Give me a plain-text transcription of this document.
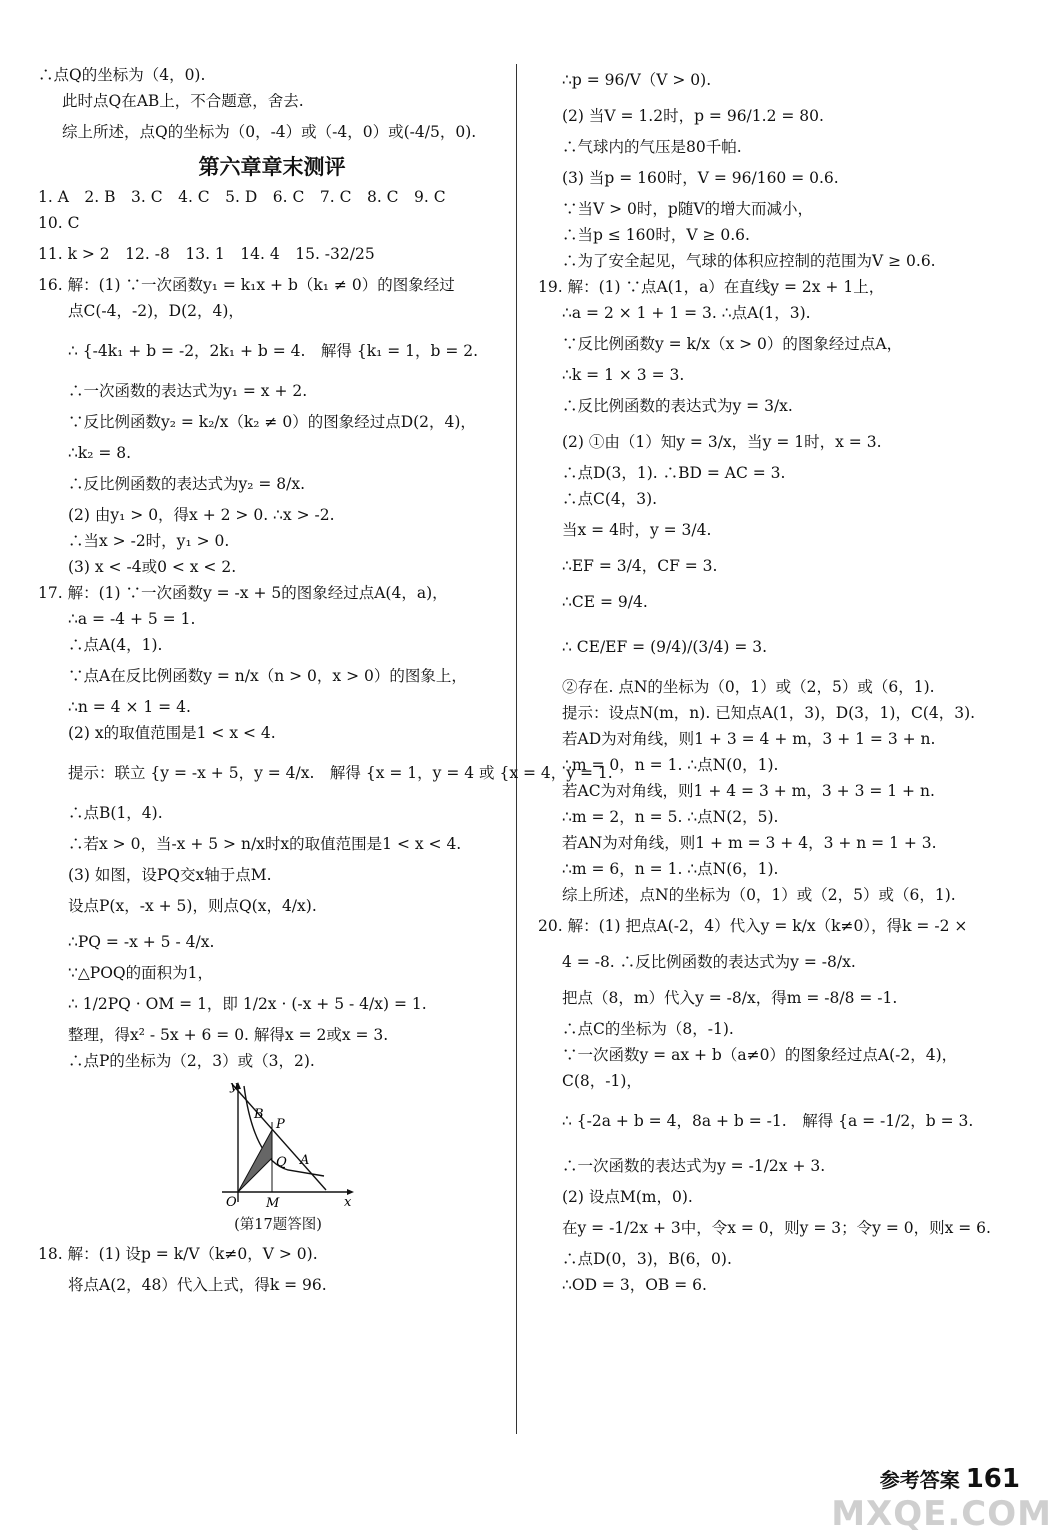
∴点Q的坐标为（4，0).
此时点Q在AB上，不合题意，舍去.
综上所述，点Q的坐标为（0，-4）或（-4，0）或(-4/5，0).
第六章章末测评
1. A　2. B　3. C　4. C　5. D　6. C　7. C　8. C　9. C
10. C
11. k > 2　12. -8　13. 1　14. 4　15. -32/25
16. 解：(1) ∵一次函数y₁ = k₁x + b（k₁ ≠ 0）的图象经过
点C(-4，-2)，D(2，4)，
∴ {-4k₁ + b = -2，2k₁ + b = 4.　解得 {k₁ = 1，b = 2.
∴一次函数的表达式为y₁ = x + 2.
∵反比例函数y₂ = k₂/x（k₂ ≠ 0）的图象经过点D(2，4)，
∴k₂ = 8.
∴反比例函数的表达式为y₂ = 8/x.
(2) 由y₁ > 0，得x + 2 > 0. ∴x > -2.
∴当x > -2时，y₁ > 0.
(3) x < -4或0 < x < 2.
17. 解：(1) ∵一次函数y = -x + 5的图象经过点A(4，a)，
∴a = -4 + 5 = 1.
∴点A(4，1).
∵点A在反比例函数y = n/x（n > 0，x > 0）的图象上，
∴n = 4 × 1 = 4.
(2) x的取值范围是1 < x < 4.
提示：联立 {y = -x + 5，y = 4/x.　解得 {x = 1，y = 4 或 {x = 4，y = 1.
∴点B(1，4).
∴若x > 0，当-x + 5 > n/x时x的取值范围是1 < x < 4.
(3) 如图，设PQ交x轴于点M.
设点P(x，-x + 5)，则点Q(x，4/x).
∴PQ = -x + 5 - 4/x.
∵△POQ的面积为1，
∴ 1/2PQ · OM = 1，即 1/2x · (-x + 5 - 4/x) = 1.
整理，得x² - 5x + 6 = 0. 解得x = 2或x = 3.
∴点P的坐标为（2，3）或（3，2).
y
B
P
Q A
O M	x
(第17题答图)
18. 解：(1) 设p = k/V（k≠0，V > 0).
将点A(2，48）代入上式，得k = 96.
∴p = 96/V（V > 0).
(2) 当V = 1.2时，p = 96/1.2 = 80.
∴气球内的气压是80千帕.
(3) 当p = 160时，V = 96/160 = 0.6.
∵当V > 0时，p随V的增大而减小，
∴当p ≤ 160时，V ≥ 0.6.
∴为了安全起见，气球的体积应控制的范围为V ≥ 0.6.
19. 解：(1) ∵点A(1，a）在直线y = 2x + 1上，
∴a = 2 × 1 + 1 = 3. ∴点A(1，3).
∵反比例函数y = k/x（x > 0）的图象经过点A，
∴k = 1 × 3 = 3.
∴反比例函数的表达式为y = 3/x.
(2) ①由（1）知y = 3/x，当y = 1时，x = 3.
∴点D(3，1). ∴BD = AC = 3.
∴点C(4，3).
当x = 4时，y = 3/4.
∴EF = 3/4，CF = 3.
∴CE = 9/4.
∴ CE/EF = (9/4)/(3/4) = 3.
②存在. 点N的坐标为（0，1）或（2，5）或（6，1).
提示：设点N(m，n). 已知点A(1，3)，D(3，1)，C(4，3).
若AD为对角线，则1 + 3 = 4 + m，3 + 1 = 3 + n.
∴m = 0，n = 1. ∴点N(0，1).
若AC为对角线，则1 + 4 = 3 + m，3 + 3 = 1 + n.
∴m = 2，n = 5. ∴点N(2，5).
若AN为对角线，则1 + m = 3 + 4，3 + n = 1 + 3.
∴m = 6，n = 1. ∴点N(6，1).
综上所述，点N的坐标为（0，1）或（2，5）或（6，1).
20. 解：(1) 把点A(-2，4）代入y = k/x（k≠0），得k = -2 ×
4 = -8. ∴反比例函数的表达式为y = -8/x.
把点（8，m）代入y = -8/x，得m = -8/8 = -1.
∴点C的坐标为（8，-1).
∵一次函数y = ax + b（a≠0）的图象经过点A(-2，4)，
C(8，-1)，
∴ {-2a + b = 4，8a + b = -1.　解得 {a = -1/2，b = 3.
∴一次函数的表达式为y = -1/2x + 3.
(2) 设点M(m，0).
在y = -1/2x + 3中，令x = 0，则y = 3；令y = 0，则x = 6.
∴点D(0，3)，B(6，0).
∴OD = 3，OB = 6.
参考答案 161
MXQE.COM
